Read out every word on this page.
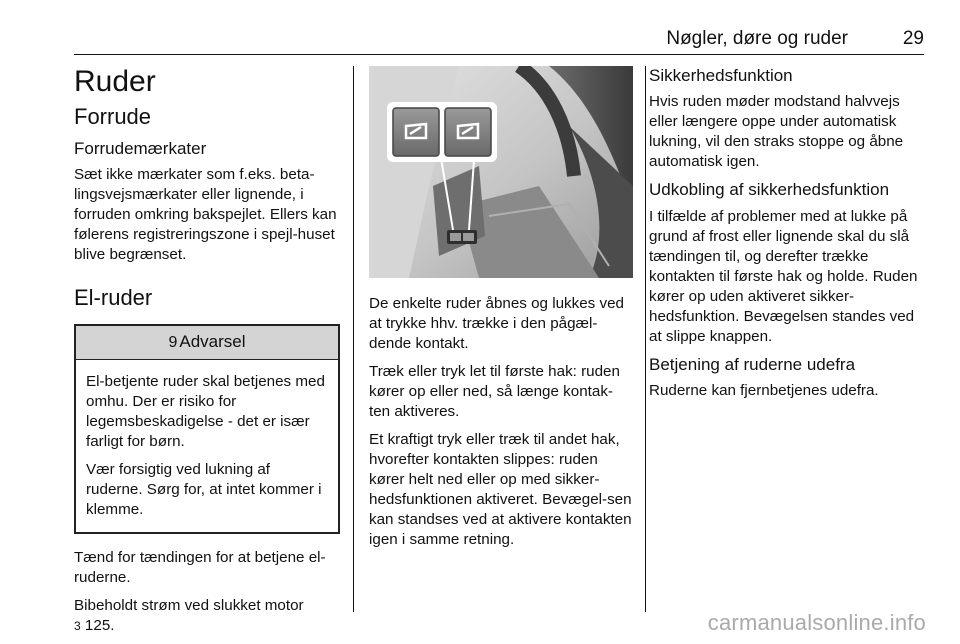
Nøgler, døre og ruder	29
Ruder
Forrude
Forrudemærkater

Sæt ikke mærkater som f.eks. beta-lingsvejsmærkater eller lignende, i forruden omkring bakspejlet. Ellers kan følerens registreringszone i spejl-huset blive begrænset.

El-ruder
9 Advarsel

El-betjente ruder skal betjenes med omhu. Der er risiko for legemsbeskadigelse - det er især farligt for børn.

Vær forsigtig ved lukning af ruderne. Sørg for, at intet kommer i klemme.

Tænd for tændingen for at betjene el-ruderne.

Bibeholdt strøm ved slukket motor
3 125.

De enkelte ruder åbnes og lukkes ved at trykke hhv. trække i den pågæl-dende kontakt.

Træk eller tryk let til første hak: ruden kører op eller ned, så længe kontak-ten aktiveres.

Et kraftigt tryk eller træk til andet hak, hvorefter kontakten slippes: ruden kører helt ned eller op med sikker-hedsfunktionen aktiveret. Bevægel-sen kan standses ved at aktivere kontakten igen i samme retning.

Sikkerhedsfunktion

Hvis ruden møder modstand halvvejs eller længere oppe under automatisk lukning, vil den straks stoppe og åbne automatisk igen.

Udkobling af sikkerhedsfunktion

I tilfælde af problemer med at lukke på grund af frost eller lignende skal du slå tændingen til, og derefter trække kontakten til første hak og holde. Ruden kører op uden aktiveret sikker-hedsfunktion. Bevægelsen standes ved at slippe knappen.

Betjening af ruderne udefra

Ruderne kan fjernbetjenes udefra.

carmanualsonline.info
